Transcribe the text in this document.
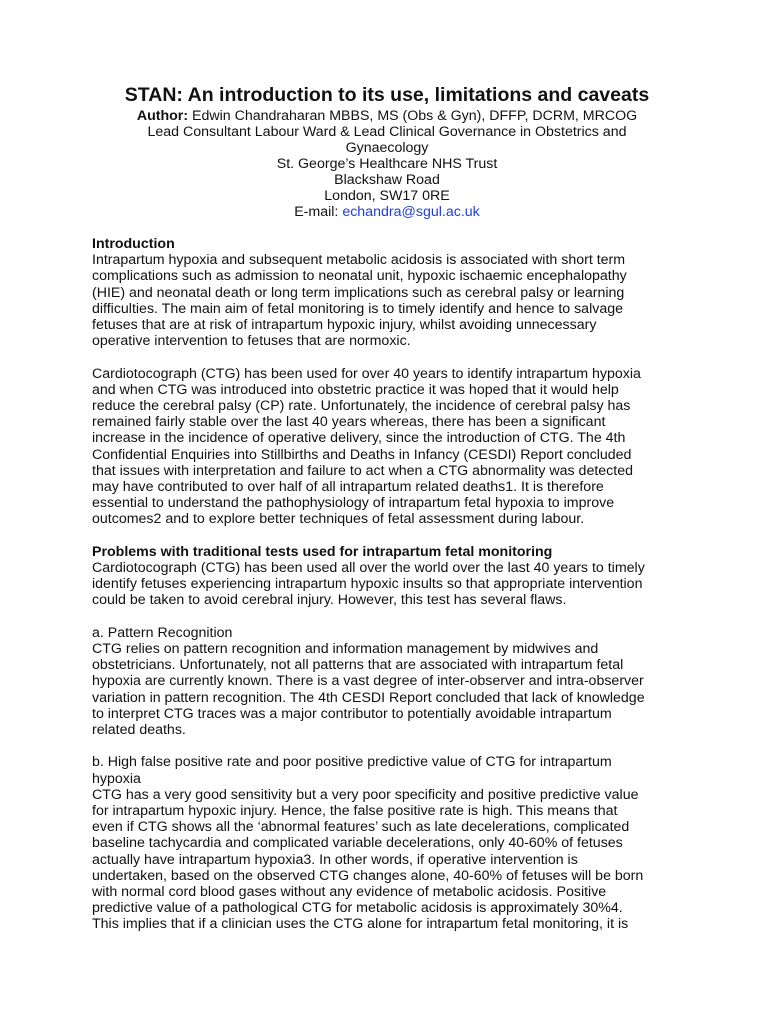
STAN: An introduction to its use, limitations and caveats
Author: Edwin Chandraharan MBBS, MS (Obs & Gyn), DFFP, DCRM, MRCOG
Lead Consultant Labour Ward & Lead Clinical Governance in Obstetrics and
Gynaecology
St. George’s Healthcare NHS Trust
Blackshaw Road
London, SW17 0RE
E-mail: echandra@sgul.ac.uk
Introduction
Intrapartum hypoxia and subsequent metabolic acidosis is associated with short term
complications such as admission to neonatal unit, hypoxic ischaemic encephalopathy
(HIE) and neonatal death or long term implications such as cerebral palsy or learning
difficulties. The main aim of fetal monitoring is to timely identify and hence to salvage
fetuses that are at risk of intrapartum hypoxic injury, whilst avoiding unnecessary
operative intervention to fetuses that are normoxic.
Cardiotocograph (CTG) has been used for over 40 years to identify intrapartum hypoxia
and when CTG was introduced into obstetric practice it was hoped that it would help
reduce the cerebral palsy (CP) rate. Unfortunately, the incidence of cerebral palsy has
remained fairly stable over the last 40 years whereas, there has been a significant
increase in the incidence of operative delivery, since the introduction of CTG. The 4th
Confidential Enquiries into Stillbirths and Deaths in Infancy (CESDI) Report concluded
that issues with interpretation and failure to act when a CTG abnormality was detected
may have contributed to over half of all intrapartum related deaths1. It is therefore
essential to understand the pathophysiology of intrapartum fetal hypoxia to improve
outcomes2 and to explore better techniques of fetal assessment during labour.
Problems with traditional tests used for intrapartum fetal monitoring
Cardiotocograph (CTG) has been used all over the world over the last 40 years to timely
identify fetuses experiencing intrapartum hypoxic insults so that appropriate intervention
could be taken to avoid cerebral injury. However, this test has several flaws.
a. Pattern Recognition
CTG relies on pattern recognition and information management by midwives and
obstetricians. Unfortunately, not all patterns that are associated with intrapartum fetal
hypoxia are currently known. There is a vast degree of inter-observer and intra-observer
variation in pattern recognition. The 4th CESDI Report concluded that lack of knowledge
to interpret CTG traces was a major contributor to potentially avoidable intrapartum
related deaths.
b. High false positive rate and poor positive predictive value of CTG for intrapartum
hypoxia
CTG has a very good sensitivity but a very poor specificity and positive predictive value
for intrapartum hypoxic injury. Hence, the false positive rate is high. This means that
even if CTG shows all the ‘abnormal features’ such as late decelerations, complicated
baseline tachycardia and complicated variable decelerations, only 40-60% of fetuses
actually have intrapartum hypoxia3. In other words, if operative intervention is
undertaken, based on the observed CTG changes alone, 40-60% of fetuses will be born
with normal cord blood gases without any evidence of metabolic acidosis. Positive
predictive value of a pathological CTG for metabolic acidosis is approximately 30%4.
This implies that if a clinician uses the CTG alone for intrapartum fetal monitoring, it is
